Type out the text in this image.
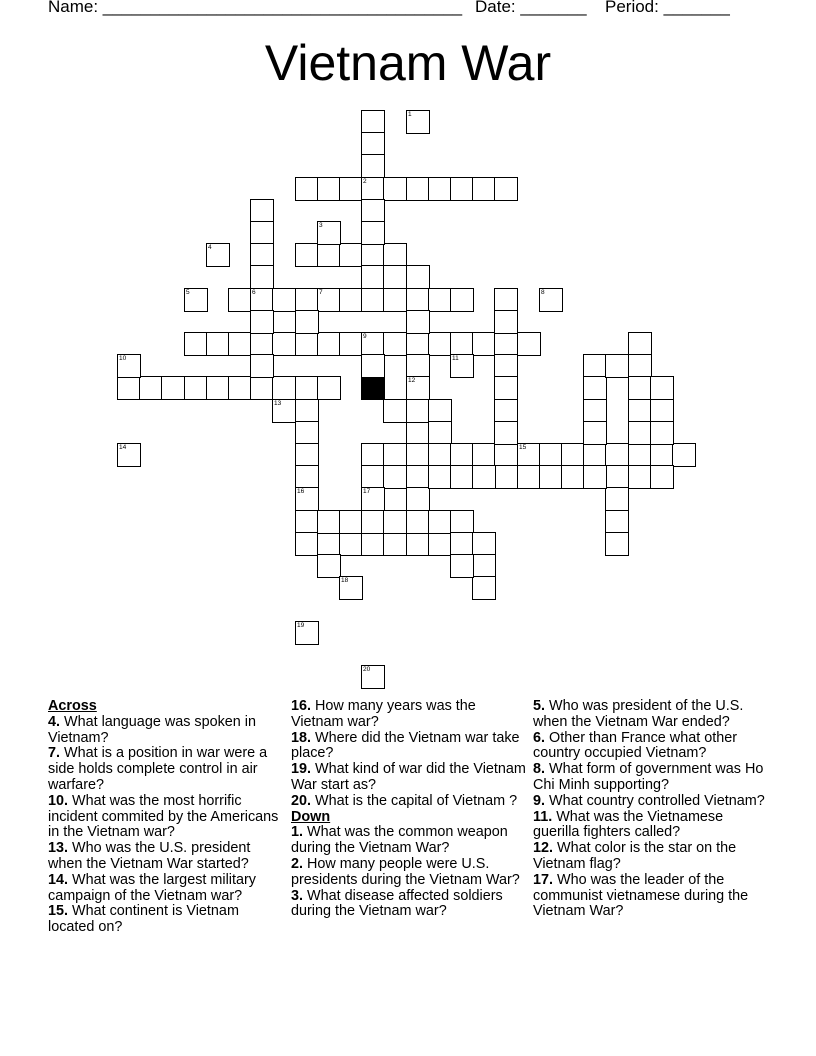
Name: ______________________________________ Date: _______ Period: _______
Vietnam War
9
6	7
2
16
15
1
3
4
5	8
10	11
12
13
14
17
18
19
20

Across

4. What language was spoken in Vietnam?

7. What is a position in war were a side holds complete control in air warfare?

10. What was the most horrific incident commited by the Americans in the Vietnam war?

13. Who was the U.S. president when the Vietnam War started?

14. What was the largest military campaign of the Vietnam war?

15. What continent is Vietnam located on?

16. How many years was the Vietnam war?

18. Where did the Vietnam war take place?

19. What kind of war did the Vietnam War start as?

20. What is the capital of Vietnam ?

Down

1. What was the common weapon during the Vietnam War?

2. How many people were U.S. presidents during the Vietnam War?

3. What disease affected soldiers during the Vietnam war?

5. Who was president of the U.S. when the Vietnam War ended?

6. Other than France what other country occupied Vietnam?

8. What form of government was Ho Chi Minh supporting?

9. What country controlled Vietnam?

11. What was the Vietnamese guerilla fighters called?

12. What color is the star on the Vietnam flag?

17. Who was the leader of the communist vietnamese during the Vietnam War?
